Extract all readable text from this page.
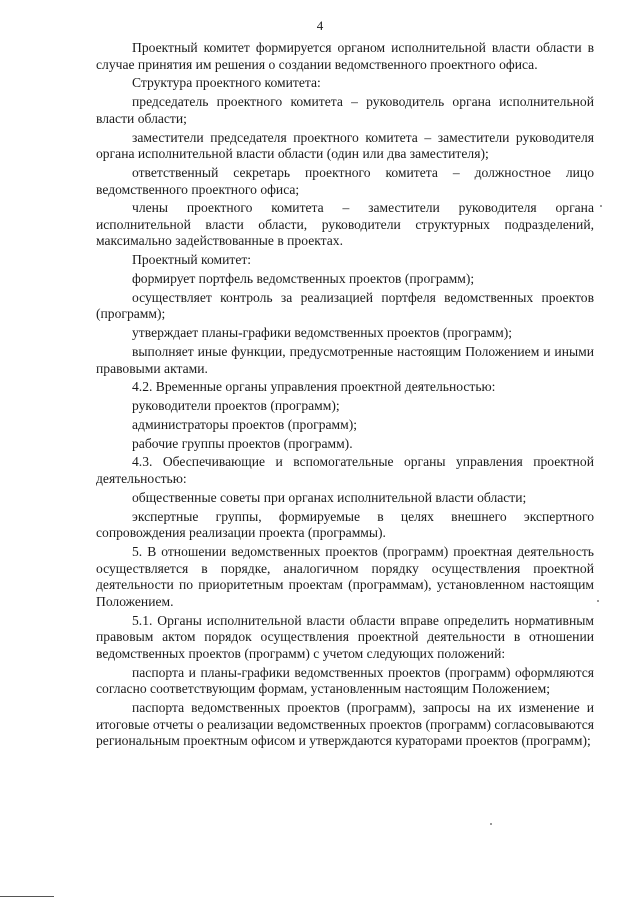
4

Проектный комитет формируется органом исполнительной власти области в случае принятия им решения о создании ведомственного проектного офиса.

Структура проектного комитета:

председатель проектного комитета – руководитель органа исполнительной власти области;

заместители председателя проектного комитета – заместители руководителя органа исполнительной власти области (один или два заместителя);

ответственный секретарь проектного комитета – должностное лицо ведомственного проектного офиса;

члены проектного комитета – заместители руководителя органа исполнительной власти области, руководители структурных подразделений, максимально задействованные в проектах.

Проектный комитет:

формирует портфель ведомственных проектов (программ);

осуществляет контроль за реализацией портфеля ведомственных проектов (программ);

утверждает планы-графики ведомственных проектов (программ);

выполняет иные функции, предусмотренные настоящим Положением и иными правовыми актами.

4.2. Временные органы управления проектной деятельностью:

руководители проектов (программ);

администраторы проектов (программ);

рабочие группы проектов (программ).

4.3. Обеспечивающие и вспомогательные органы управления проектной деятельностью:

общественные советы при органах исполнительной власти области;

экспертные группы, формируемые в целях внешнего экспертного сопровождения реализации проекта (программы).

5. В отношении ведомственных проектов (программ) проектная деятельность осуществляется в порядке, аналогичном порядку осуществления проектной деятельности по приоритетным проектам (программам), установленном настоящим Положением.

5.1. Органы исполнительной власти области вправе определить нормативным правовым актом порядок осуществления проектной деятельности в отношении ведомственных проектов (программ) с учетом следующих положений:

паспорта и планы-графики ведомственных проектов (программ) оформляются согласно соответствующим формам, установленным настоящим Положением;

паспорта ведомственных проектов (программ), запросы на их изменение и итоговые отчеты о реализации ведомственных проектов (программ) согласовываются региональным проектным офисом и утверждаются кураторами проектов (программ);
